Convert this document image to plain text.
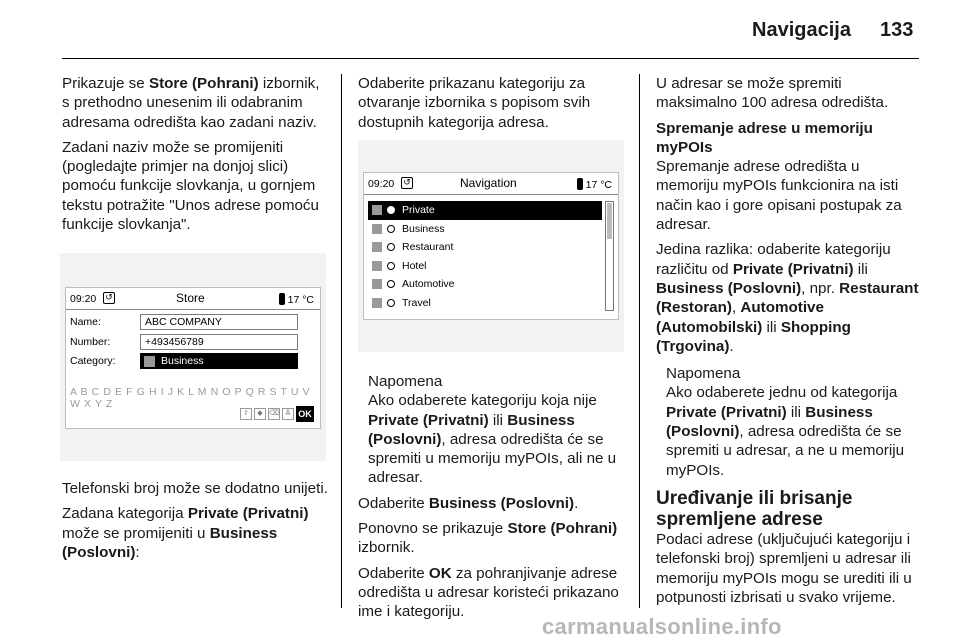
Navigacija 133

Prikazuje se Store (Pohrani) izbornik, s prethodno unesenim ili odabranim adresama odredišta kao zadani naziv.

Zadani naziv može se promijeniti (pogledajte primjer na donjoj slici) pomoću funkcije slovkanja, u gornjem tekstu potražite "Unos adrese pomoću funkcije slovkanja".

09:20 ↺	Store	17 °C
Name:	ABC COMPANY
Number:	+493456789
Category:	Business
A B C D E F G H I J K L M N O P Q R S T U V W X Y Z
⇧	◆ ⌫ Ä OK

Telefonski broj može se dodatno unijeti.

Zadana kategorija Private (Privatni) može se promijeniti u Business (Poslovni):

Odaberite prikazanu kategoriju za otvaranje izbornika s popisom svih dostupnih kategorija adresa.

09:20 ↺	Navigation	17 °C
Private
Business
Restaurant
Hotel
Automotive
Travel

Napomena

Ako odaberete kategoriju koja nije Private (Privatni) ili Business (Poslovni), adresa odredišta će se spremiti u memoriju myPOIs, ali ne u adresar.

Odaberite Business (Poslovni).

Ponovno se prikazuje Store (Pohrani) izbornik.

Odaberite OK za pohranjivanje adrese odredišta u adresar koristeći prikazano ime i kategoriju.

U adresar se može spremiti maksimalno 100 adresa odredišta.

Spremanje adrese u memoriju myPOIs

Spremanje adrese odredišta u memoriju myPOIs funkcionira na isti način kao i gore opisani postupak za adresar.

Jedina razlika: odaberite kategoriju različitu od Private (Privatni) ili Business (Poslovni), npr. Restaurant (Restoran), Automotive (Automobilski) ili Shopping (Trgovina).

Napomena

Ako odaberete jednu od kategorija Private (Privatni) ili Business (Poslovni), adresa odredišta će se spremiti u adresar, a ne u memoriju myPOIs.

Uređivanje ili brisanje spremljene adrese

Podaci adrese (uključujući kategoriju i telefonski broj) spremljeni u adresar ili memoriju myPOIs mogu se urediti ili u potpunosti izbrisati u svako vrijeme.

carmanualsonline.info
